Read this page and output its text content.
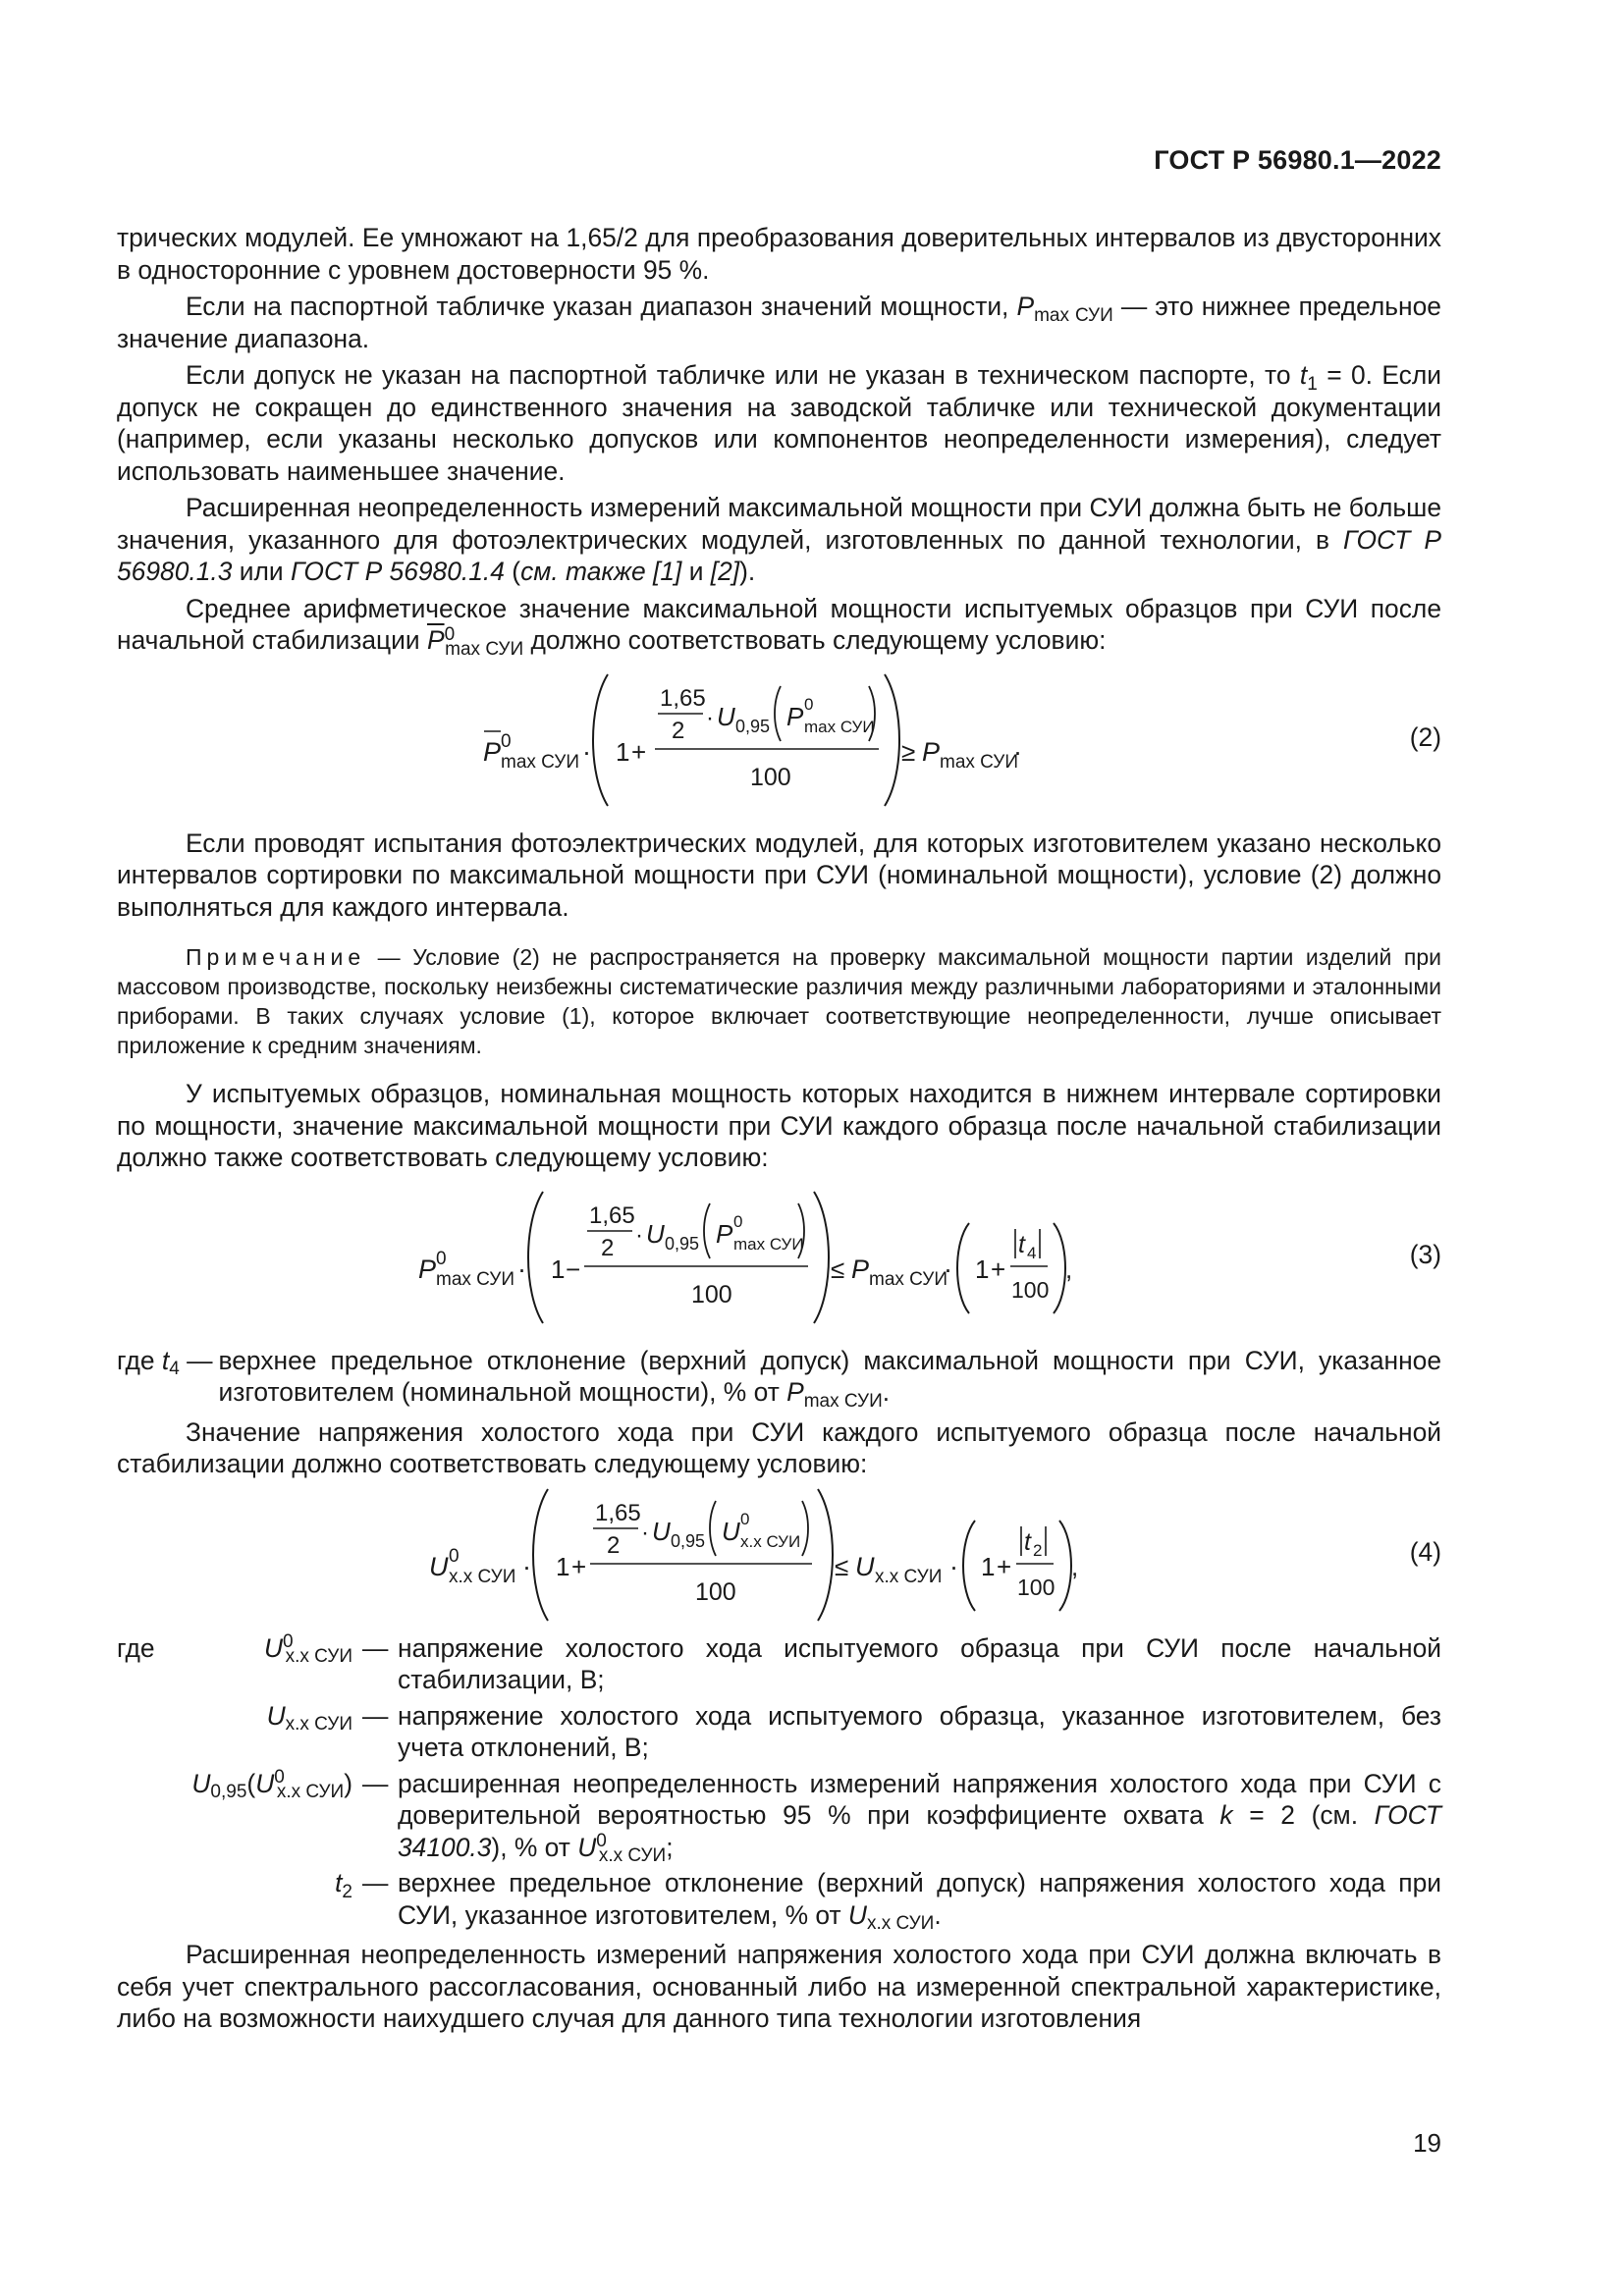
ГОСТ Р 56980.1—2022

трических модулей. Ее умножают на 1,65/2 для преобразования доверительных интервалов из двусторонних в односторонние с уровнем достоверности 95 %.

Если на паспортной табличке указан диапазон значений мощности, $P_{max СУИ}$ — это нижнее предельное значение диапазона.

Если допуск не указан на паспортной табличке или не указан в техническом паспорте, то $t_1 = 0$. Если допуск не сокращен до единственного значения на заводской табличке или технической документации (например, если указаны несколько допусков или компонентов неопределенности измерения), следует использовать наименьшее значение.

Расширенная неопределенность измерений максимальной мощности при СУИ должна быть не больше значения, указанного для фотоэлектрических модулей, изготовленных по данной технологии, в ГОСТ Р 56980.1.3 или ГОСТ Р 56980.1.4 (см. также [1] и [2]).

Среднее арифметическое значение максимальной мощности испытуемых образцов при СУИ после начальной стабилизации $\overline{P}^0_{max СУИ}$ должно соответствовать следующему условию:

P 0
max СУИ · 1 +
1,65
2 · U 0,95 P 0
max СУИ
100
≥ P max СУИ
·	(2)

Если проводят испытания фотоэлектрических модулей, для которых изготовителем указано несколько интервалов сортировки по максимальной мощности при СУИ (номинальной мощности), условие (2) должно выполняться для каждого интервала.

Примечание — Условие (2) не распространяется на проверку максимальной мощности партии изделий при массовом производстве, поскольку неизбежны систематические различия между различными лабораториями и эталонными приборами. В таких случаях условие (1), которое включает соответствующие неопределенности, лучше описывает приложение к средним значениям.

У испытуемых образцов, номинальная мощность которых находится в нижнем интервале сортировки по мощности, значение максимальной мощности при СУИ каждого образца после начальной стабилизации должно также соответствовать следующему условию:

P 0
max СУИ · 1 −
1,65
2 · U 0,95 P 0
max СУИ
100
≤ P max СУИ
· 1 +
t 4
100
,	(3)
где $t_4$ — верхнее предельное отклонение (верхний допуск) максимальной мощности при СУИ, указанное изготовителем (номинальной мощности), % от $P_{max СУИ}$.

Значение напряжения холостого хода при СУИ каждого испытуемого образца после начальной стабилизации должно соответствовать следующему условию:

U 0
х.х СУИ · 1 +
1,65
2 · U 0,95 U 0
х.х СУИ
100
≤ U х.х СУИ · 1 +
t 2
100
,	(4)
где	$U^0_{х.х СУИ}$ — напряжение холостого хода испытуемого образца при СУИ после начальной стабилизации, В;
$U_{х.х СУИ}$ — напряжение холостого хода испытуемого образца, указанное изготовителем, без учета отклонений, В;
$U_{0,95}(U^0_{х.х СУИ})$ — расширенная неопределенность измерений напряжения холостого хода при СУИ с доверительной вероятностью 95 % при коэффициенте охвата k = 2 (см. ГОСТ 34100.3), % от $U^0_{х.х СУИ}$;
$t_2$ — верхнее предельное отклонение (верхний допуск) напряжения холостого хода при СУИ, указанное изготовителем, % от $U_{х.х СУИ}$.

Расширенная неопределенность измерений напряжения холостого хода при СУИ должна включать в себя учет спектрального рассогласования, основанный либо на измеренной спектральной характеристике, либо на возможности наихудшего случая для данного типа технологии изготовления

19
